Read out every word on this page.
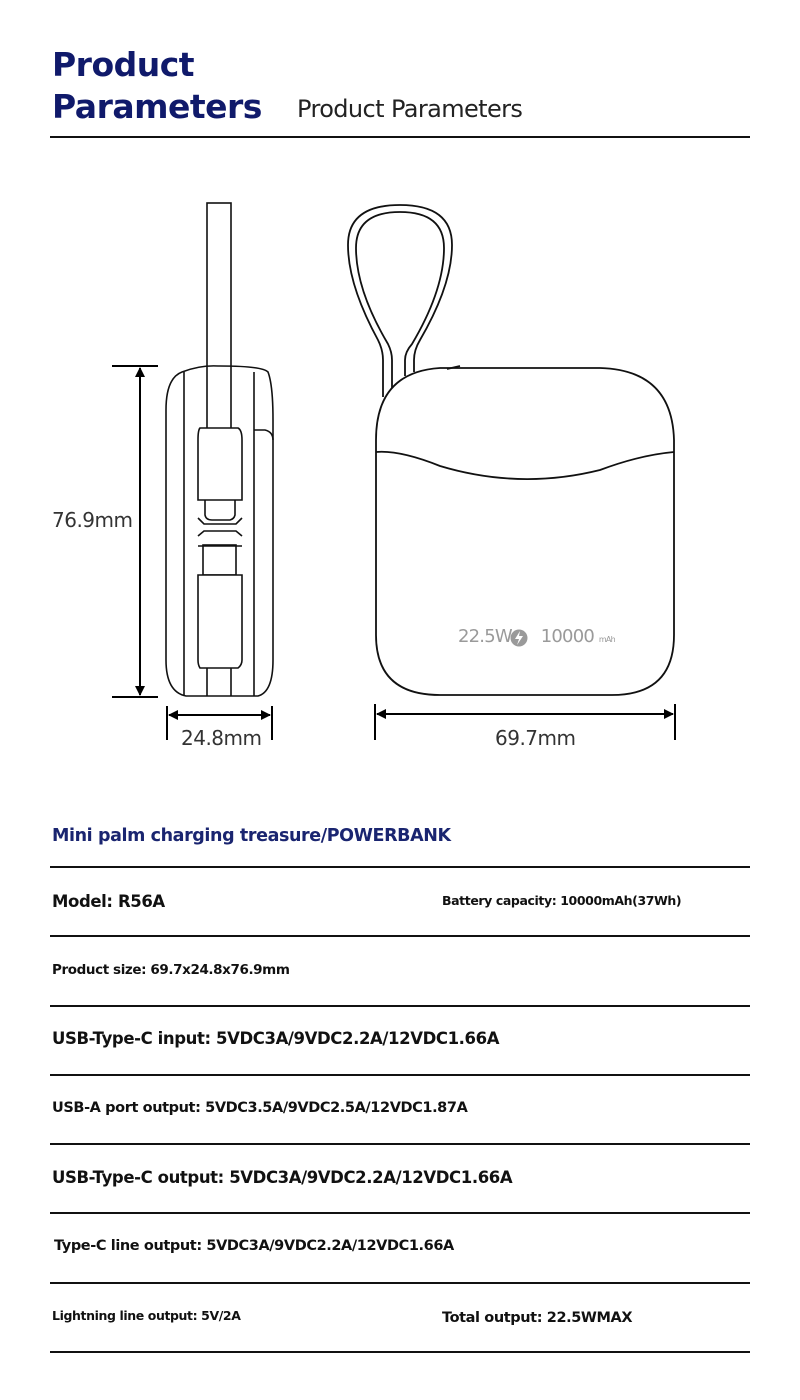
Product
Parameters Product Parameters
76.9mm
24.8mm	69.7mm
22.5W 10000 mAh
Mini palm charging treasure/POWERBANK
Model: R56A	Battery capacity: 10000mAh(37Wh)
Product size: 69.7x24.8x76.9mm
USB-Type-C input: 5VDC3A/9VDC2.2A/12VDC1.66A
USB-A port output: 5VDC3.5A/9VDC2.5A/12VDC1.87A
USB-Type-C output: 5VDC3A/9VDC2.2A/12VDC1.66A
Type-C line output: 5VDC3A/9VDC2.2A/12VDC1.66A
Lightning line output: 5V/2A	Total output: 22.5WMAX
